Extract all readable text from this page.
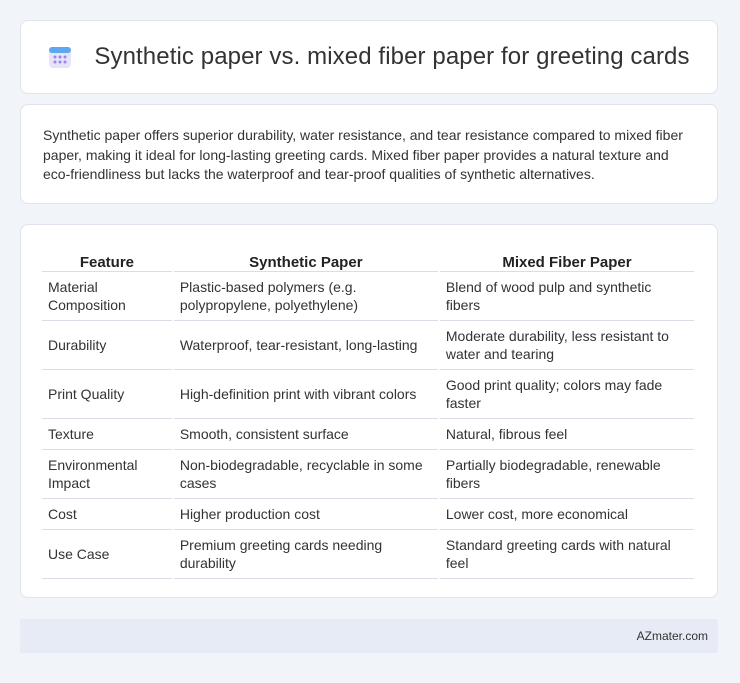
Synthetic paper vs. mixed fiber paper for greeting cards

Synthetic paper offers superior durability, water resistance, and tear resistance compared to mixed fiber paper, making it ideal for long-lasting greeting cards. Mixed fiber paper provides a natural texture and eco-friendliness but lacks the waterproof and tear-proof qualities of synthetic alternatives.

Feature	Synthetic Paper	Mixed Fiber Paper
Material Composition	Plastic-based polymers (e.g. polypropylene, polyethylene)	Blend of wood pulp and synthetic fibers
Durability	Waterproof, tear-resistant, long-lasting	Moderate durability, less resistant to water and tearing
Print Quality	High-definition print with vibrant colors	Good print quality; colors may fade faster
Texture	Smooth, consistent surface	Natural, fibrous feel
Environmental Impact	Non-biodegradable, recyclable in some cases	Partially biodegradable, renewable fibers
Cost	Higher production cost	Lower cost, more economical
Use Case	Premium greeting cards needing durability	Standard greeting cards with natural feel
AZmater.com
